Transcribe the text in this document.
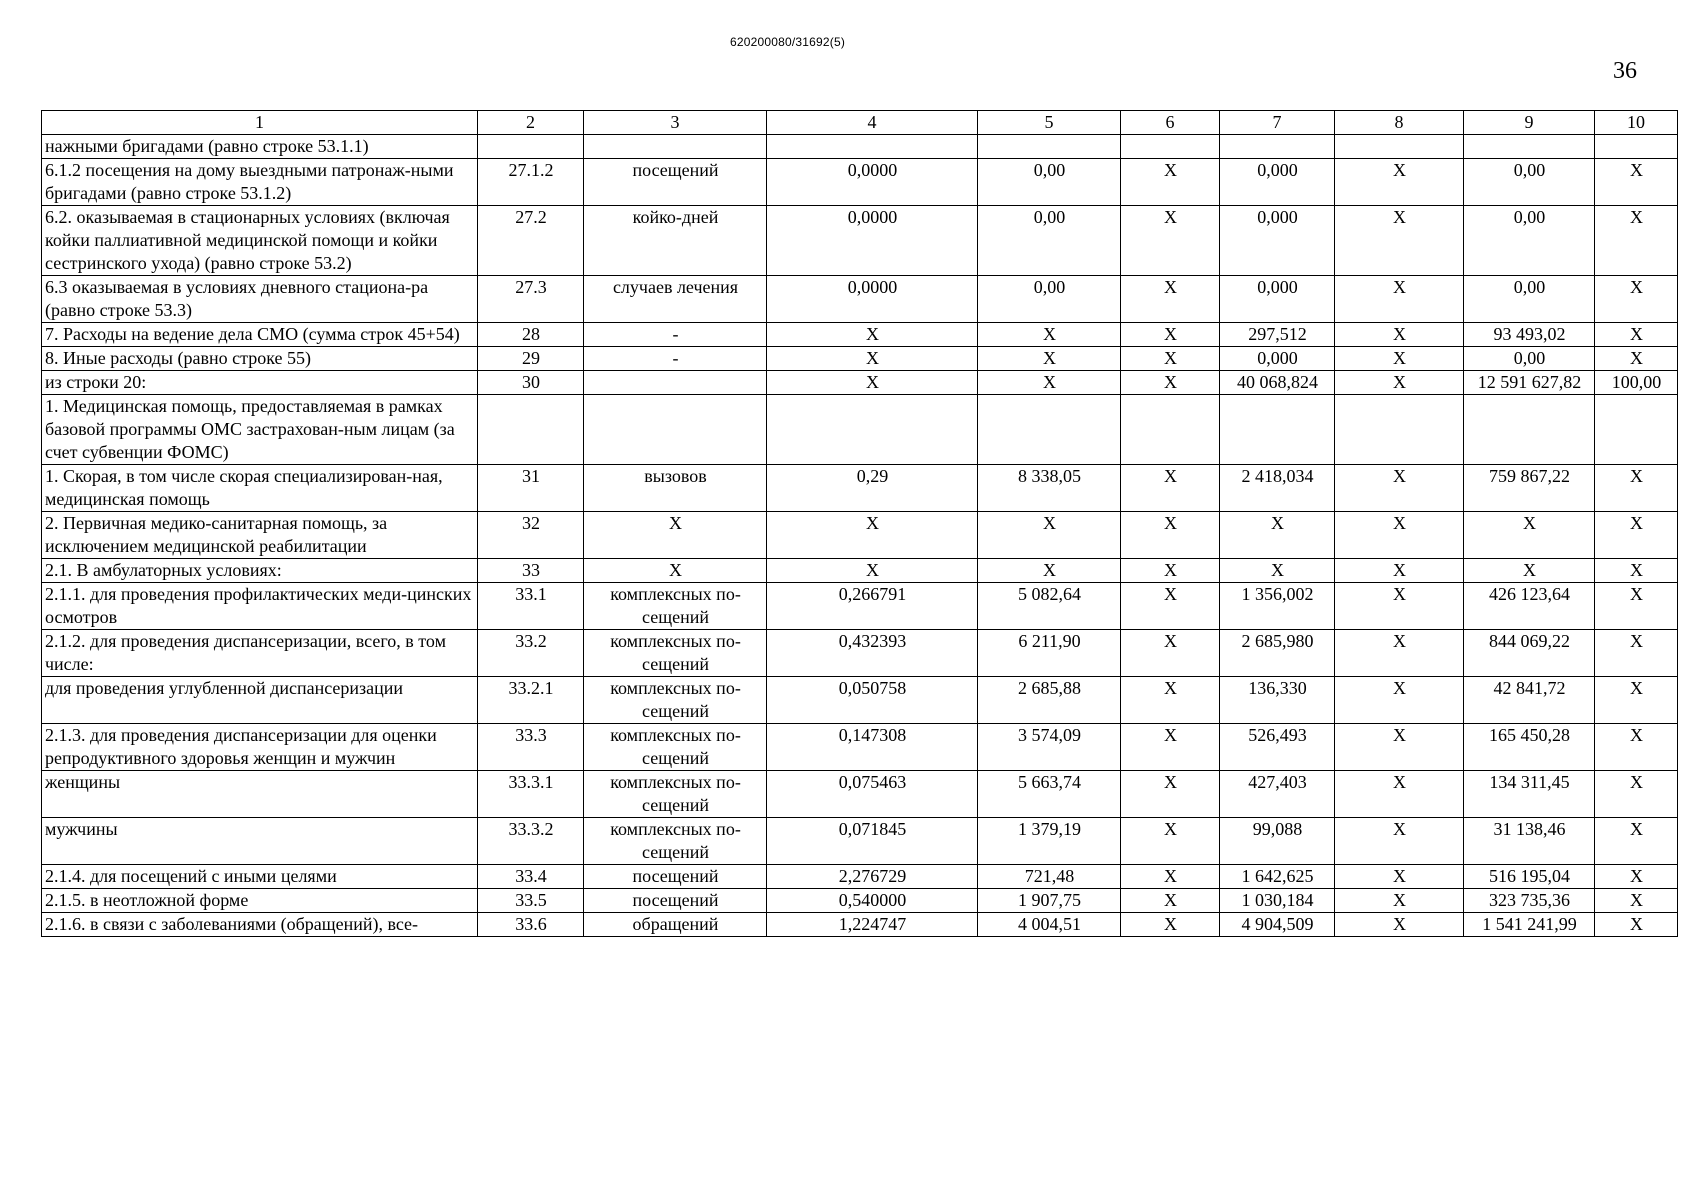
620200080/31692(5)
36
1	2	3	4	5	6	7	8	9	10
нажными бригадами (равно строке 53.1.1)									
6.1.2 посещения на дому выездными патронаж-ными бригадами (равно строке 53.1.2)	27.1.2	посещений	0,0000	0,00	X	0,000	X	0,00	X
6.2. оказываемая в стационарных условиях (включая койки паллиативной медицинской помощи и койки сестринского ухода) (равно строке 53.2)	27.2	койко-дней	0,0000	0,00	X	0,000	X	0,00	X
6.3 оказываемая в условиях дневного стациона-ра (равно строке 53.3)	27.3	случаев лечения	0,0000	0,00	X	0,000	X	0,00	X
7. Расходы на ведение дела СМО (сумма строк 45+54)	28	-	X	X	X	297,512	X	93 493,02	X
8. Иные расходы (равно строке 55)	29	-	X	X	X	0,000	X	0,00	X
из строки 20:	30		X	X	X	40 068,824	X	12 591 627,82	100,00
1. Медицинская помощь, предоставляемая в рамках базовой программы ОМС застрахован-ным лицам (за счет субвенции ФОМС)									
1. Скорая, в том числе скорая специализирован-ная, медицинская помощь	31	вызовов	0,29	8 338,05	X	2 418,034	X	759 867,22	X
2. Первичная медико-санитарная помощь, за исключением медицинской реабилитации	32	X	X	X	X	X	X	X	X
2.1. В амбулаторных условиях:	33	X	X	X	X	X	X	X	X
2.1.1. для проведения профилактических меди-цинских осмотров	33.1	комплексных по-сещений	0,266791	5 082,64	X	1 356,002	X	426 123,64	X
2.1.2. для проведения диспансеризации, всего, в том числе:	33.2	комплексных по-сещений	0,432393	6 211,90	X	2 685,980	X	844 069,22	X
для проведения углубленной диспансеризации	33.2.1	комплексных по-сещений	0,050758	2 685,88	X	136,330	X	42 841,72	X
2.1.3. для проведения диспансеризации для оценки репродуктивного здоровья женщин и мужчин	33.3	комплексных по-сещений	0,147308	3 574,09	X	526,493	X	165 450,28	X
женщины	33.3.1	комплексных по-сещений	0,075463	5 663,74	X	427,403	X	134 311,45	X
мужчины	33.3.2	комплексных по-сещений	0,071845	1 379,19	X	99,088	X	31 138,46	X
2.1.4. для посещений с иными целями	33.4	посещений	2,276729	721,48	X	1 642,625	X	516 195,04	X
2.1.5. в неотложной форме	33.5	посещений	0,540000	1 907,75	X	1 030,184	X	323 735,36	X
2.1.6. в связи с заболеваниями (обращений), все-	33.6	обращений	1,224747	4 004,51	X	4 904,509	X	1 541 241,99	X
